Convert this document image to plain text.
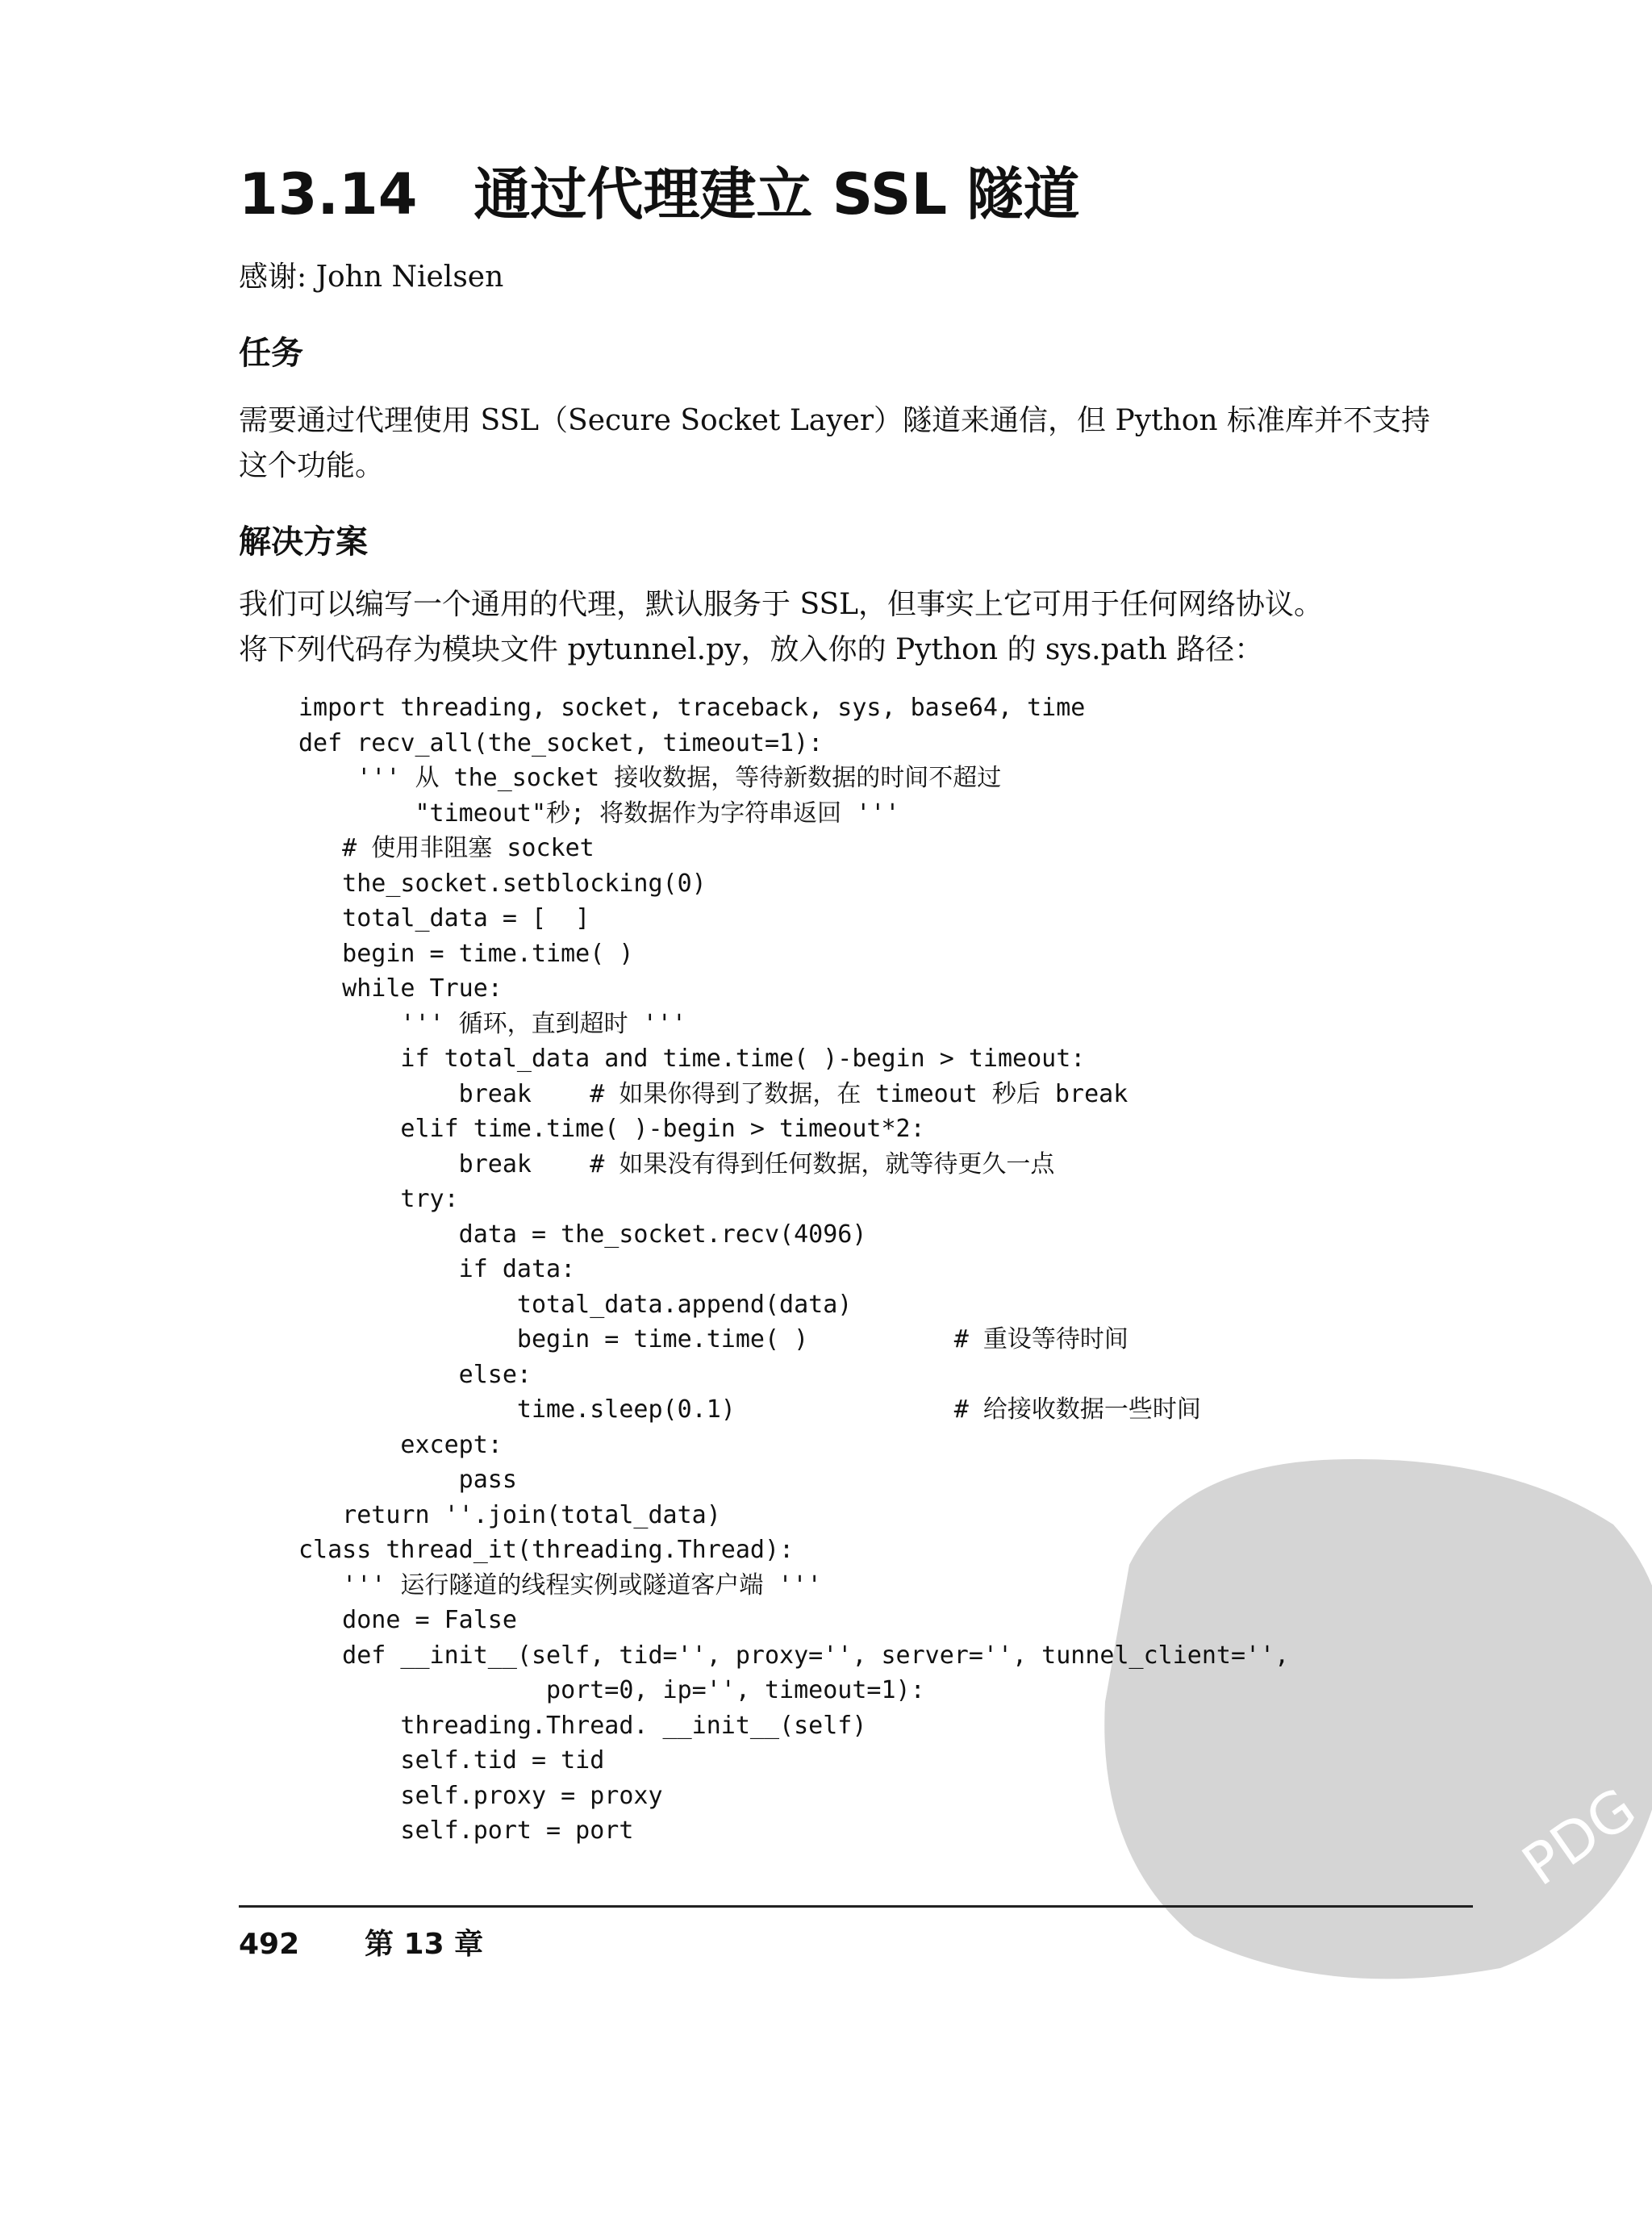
13.14 通过代理建立 SSL 隧道
感谢: John Nielsen
任务

需要通过代理使用 SSL（Secure Socket Layer）隧道来通信，但 Python 标准库并不支持

这个功能。

解决方案

我们可以编写一个通用的代理，默认服务于 SSL，但事实上它可用于任何网络协议。

将下列代码存为模块文件 pytunnel.py，放入你的 Python 的 sys.path 路径：

import threading, socket, traceback, sys, base64, time
def recv_all(the_socket, timeout=1):
''' 从 the_socket 接收数据，等待新数据的时间不超过
"timeout"秒; 将数据作为字符串返回 '''
# 使用非阻塞 socket
the_socket.setblocking(0)
total_data = [  ]
begin = time.time( )
while True:
''' 循环，直到超时 '''
if total_data and time.time( )-begin > timeout:
break    # 如果你得到了数据，在 timeout 秒后 break
elif time.time( )-begin > timeout*2:
break    # 如果没有得到任何数据，就等待更久一点
try:
data = the_socket.recv(4096)
if data:
total_data.append(data)
begin = time.time( )          # 重设等待时间
else:
time.sleep(0.1)               # 给接收数据一些时间
except:
pass
return ''.join(total_data)
class thread_it(threading.Thread):
''' 运行隧道的线程实例或隧道客户端 '''
done = False
def __init__(self, tid='', proxy='', server='', tunnel_client='',
port=0, ip='', timeout=1):
threading.Thread. __init__(self)
self.tid = tid
self.proxy = proxy
self.port = port	PDG
492 第 13 章
